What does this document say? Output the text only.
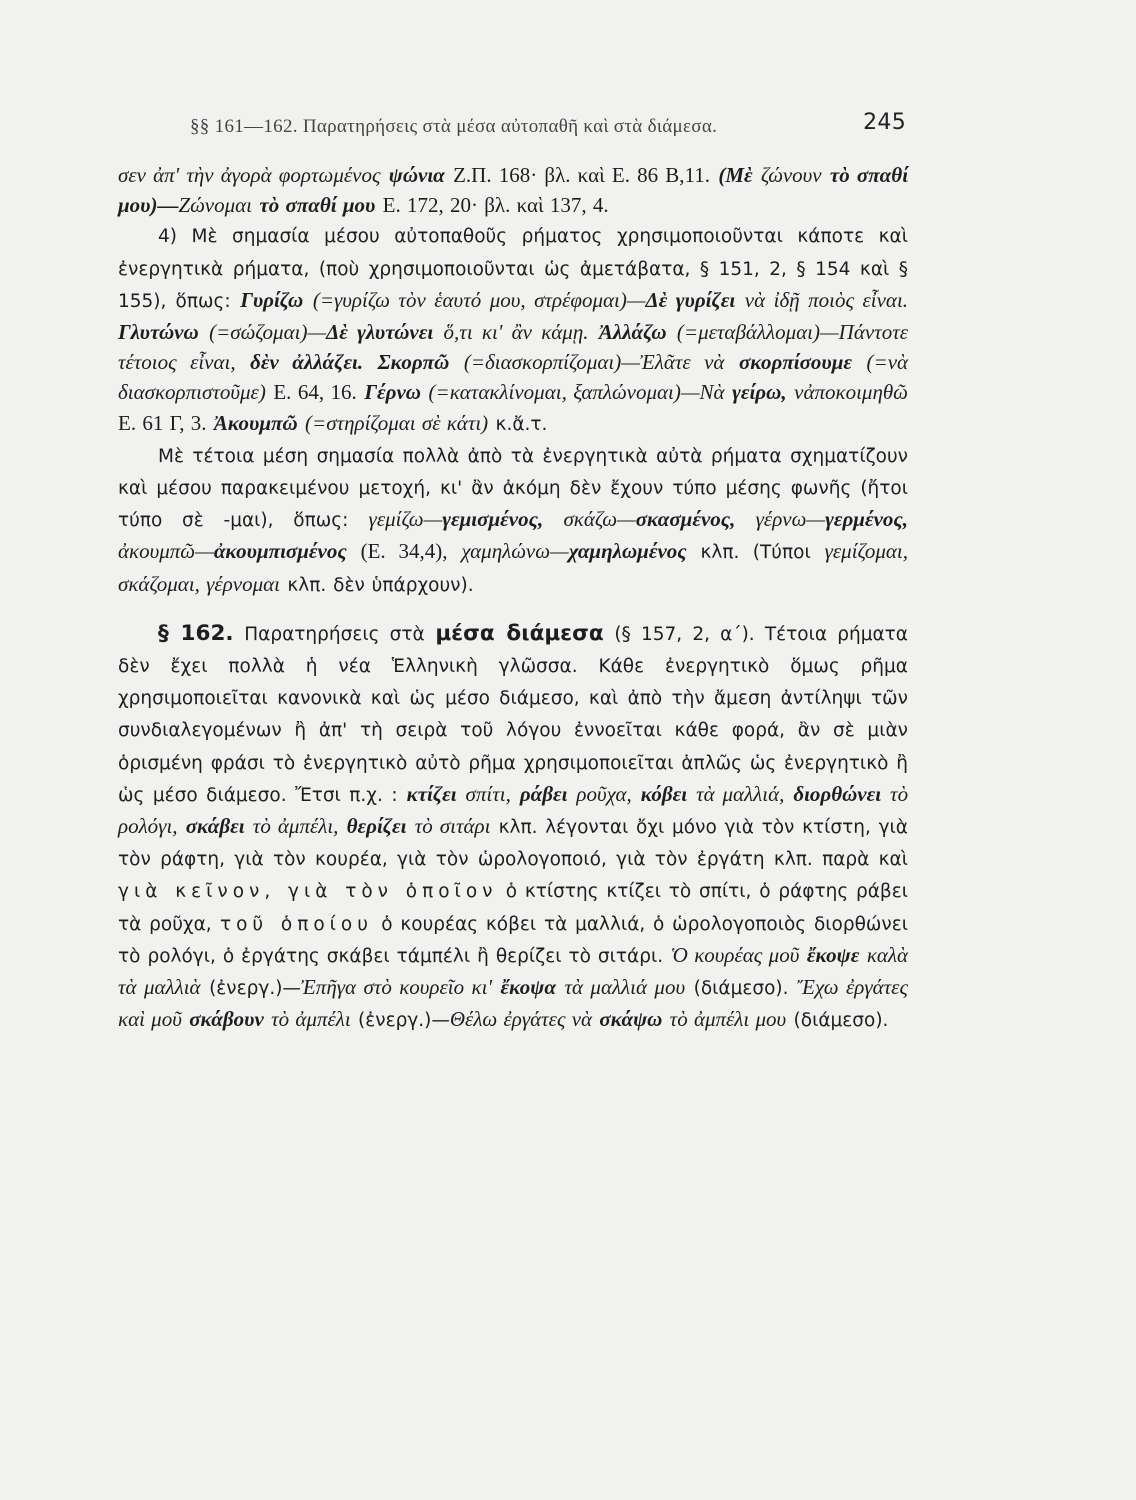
§§ 161—162. Παρατηρήσεις στὰ μέσα αὐτοπαθῆ καὶ στὰ διάμεσα.	245

σεν ἀπ' τὴν ἀγορὰ φορτωμένος ψώνια Ζ.Π. 168· βλ. καὶ Ε. 86 Β,11. (Μὲ ζώνουν τὸ σπαθί μου)—Ζώνομαι τὸ σπαθί μου Ε. 172, 20· βλ. καὶ 137, 4.

4) Μὲ σημασία μέσου αὐτοπαθοῦς ρήματος χρησιμοποιοῦνται κάποτε καὶ ἐνεργητικὰ ρήματα, (ποὺ χρησιμοποιοῦνται ὡς ἀμετάβατα, § 151, 2, § 154 καὶ § 155), ὅπως: Γυρίζω (=γυρίζω τὸν ἑαυτό μου, στρέφομαι)—Δὲ γυρίζει νὰ ἰδῇ ποιὸς εἶναι. Γλυτώνω (=σώζομαι)—Δὲ γλυτώνει ὅ,τι κι' ἂν κάμῃ. Ἀλλάζω (=μεταβάλλομαι)—Πάντοτε τέτοιος εἶναι, δὲν ἀλλάζει. Σκορπῶ (=διασκορπίζομαι)—Ἐλᾶτε νὰ σκορπίσουμε (=νὰ διασκορπιστοῦμε) Ε. 64, 16. Γέρνω (=κατακλίνομαι, ξαπλώνομαι)—Νὰ γείρω, νἀποκοιμηθῶ Ε. 61 Γ, 3. Ἀκουμπῶ (=στηρίζομαι σὲ κάτι) κ.ἄ.τ.

Μὲ τέτοια μέση σημασία πολλὰ ἀπὸ τὰ ἐνεργητικὰ αὐτὰ ρήματα σχηματίζουν καὶ μέσου παρακειμένου μετοχή, κι' ἂν ἀκόμη δὲν ἔχουν τύπο μέσης φωνῆς (ἤτοι τύπο σὲ -μαι), ὅπως: γεμίζω—γεμισμένος, σκάζω—σκασμένος, γέρνω—γερμένος, ἀκουμπῶ—ἀκουμπισμένος (Ε. 34,4), χαμηλώνω—χαμηλωμένος κλπ. (Τύποι γεμίζομαι, σκάζομαι, γέρνομαι κλπ. δὲν ὑπάρχουν).

§ 162. Παρατηρήσεις στὰ μέσα διάμεσα (§ 157, 2, α΄). Τέτοια ρήματα δὲν ἔχει πολλὰ ἡ νέα Ἑλληνικὴ γλῶσσα. Κάθε ἐνεργητικὸ ὅμως ρῆμα χρησιμοποιεῖται κανονικὰ καὶ ὡς μέσο διάμεσο, καὶ ἀπὸ τὴν ἄμεση ἀντίληψι τῶν συνδιαλεγομένων ἢ ἀπ' τὴ σειρὰ τοῦ λόγου ἐννοεῖται κάθε φορά, ἂν σὲ μιὰν ὁρισμένη φράσι τὸ ἐνεργητικὸ αὐτὸ ρῆμα χρησιμοποιεῖται ἁπλῶς ὡς ἐνεργητικὸ ἢ ὡς μέσο διάμεσο. Ἔτσι π.χ. : κτίζει σπίτι, ράβει ροῦχα, κόβει τὰ μαλλιά, διορθώνει τὸ ρολόγι, σκάβει τὸ ἀμπέλι, θερίζει τὸ σιτάρι κλπ. λέγονται ὄχι μόνο γιὰ τὸν κτίστη, γιὰ τὸν ράφτη, γιὰ τὸν κουρέα, γιὰ τὸν ὡρολογοποιό, γιὰ τὸν ἐργάτη κλπ. παρὰ καὶ γιὰ κεῖνον, γιὰ τὸν ὁποῖον ὁ κτίστης κτίζει τὸ σπίτι, ὁ ράφτης ράβει τὰ ροῦχα, τοῦ ὁποίου ὁ κουρέας κόβει τὰ μαλλιά, ὁ ὡρολογοποιὸς διορθώνει τὸ ρολόγι, ὁ ἐργάτης σκάβει τάμπέλι ἢ θερίζει τὸ σιτάρι. Ὁ κουρέας μοῦ ἔκοψε καλὰ τὰ μαλλιὰ (ἐνεργ.)—Ἐπῆγα στὸ κουρεῖο κι' ἔκοψα τὰ μαλλιά μου (διάμεσο). Ἔχω ἐργάτες καὶ μοῦ σκάβουν τὸ ἀμπέλι (ἐνεργ.)—Θέλω ἐργάτες νὰ σκάψω τὸ ἀμπέλι μου (διάμεσο).
